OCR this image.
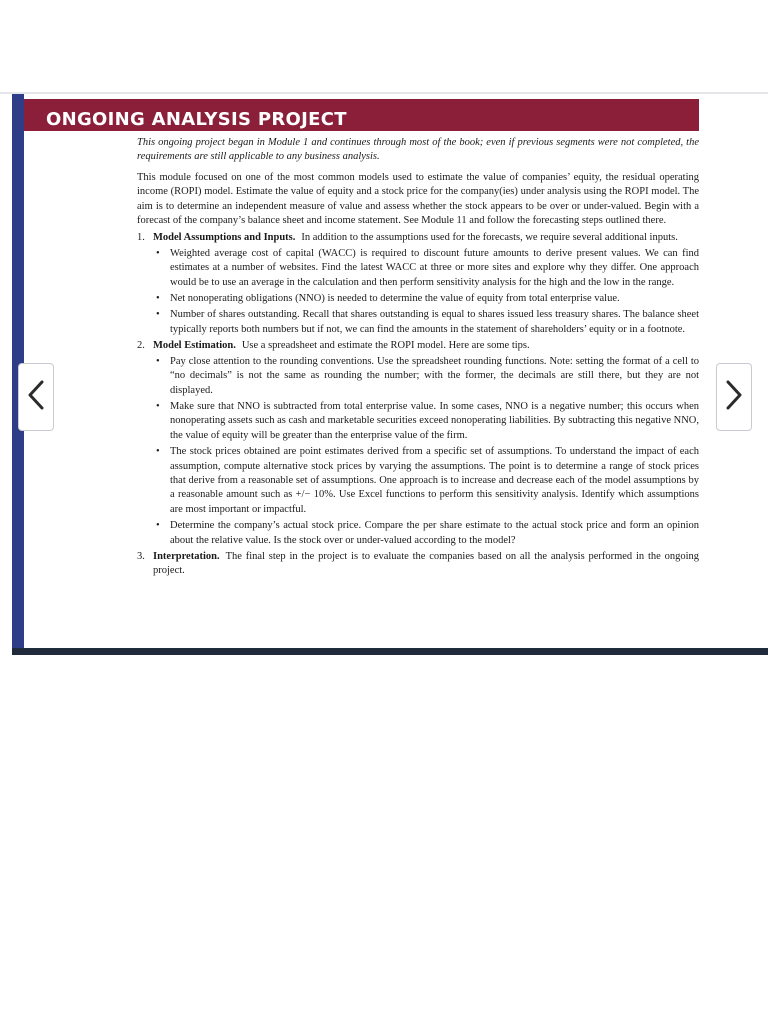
ONGOING ANALYSIS PROJECT

This ongoing project began in Module 1 and continues through most of the book; even if previous segments were not completed, the requirements are still applicable to any business analysis.

This module focused on one of the most common models used to estimate the value of companies’ equity, the residual operating income (ROPI) model. Estimate the value of equity and a stock price for the company(ies) under analysis using the ROPI model. The aim is to determine an independent measure of value and assess whether the stock appears to be over or under-valued. Begin with a forecast of the company’s balance sheet and income statement. See Module 11 and follow the forecasting steps outlined there.

1. Model Assumptions and Inputs. In addition to the assumptions used for the forecasts, we require several additional inputs.

• Weighted average cost of capital (WACC) is required to discount future amounts to derive present values. We can find estimates at a number of websites. Find the latest WACC at three or more sites and explore why they differ. One approach would be to use an average in the calculation and then perform sensitivity analysis for the high and the low in the range.
• Net nonoperating obligations (NNO) is needed to determine the value of equity from total enterprise value.
• Number of shares outstanding. Recall that shares outstanding is equal to shares issued less treasury shares. The balance sheet typically reports both numbers but if not, we can find the amounts in the statement of shareholders’ equity or in a footnote.

2. Model Estimation. Use a spreadsheet and estimate the ROPI model. Here are some tips.

• Pay close attention to the rounding conventions. Use the spreadsheet rounding functions. Note: setting the format of a cell to “no decimals” is not the same as rounding the number; with the former, the decimals are still there, but they are not displayed.
• Make sure that NNO is subtracted from total enterprise value. In some cases, NNO is a negative number; this occurs when nonoperating assets such as cash and marketable securities exceed nonoperating liabilities. By subtracting this negative NNO, the value of equity will be greater than the enterprise value of the firm.
• The stock prices obtained are point estimates derived from a specific set of assumptions. To understand the impact of each assumption, compute alternative stock prices by varying the assumptions. The point is to determine a range of stock prices that derive from a reasonable set of assumptions. One approach is to increase and decrease each of the model assumptions by a reasonable amount such as +/− 10%. Use Excel functions to perform this sensitivity analysis. Identify which assumptions are most important or impactful.
• Determine the company’s actual stock price. Compare the per share estimate to the actual stock price and form an opinion about the relative value. Is the stock over or under-valued according to the model?

3. Interpretation. The final step in the project is to evaluate the companies based on all the analysis performed in the ongoing project.
